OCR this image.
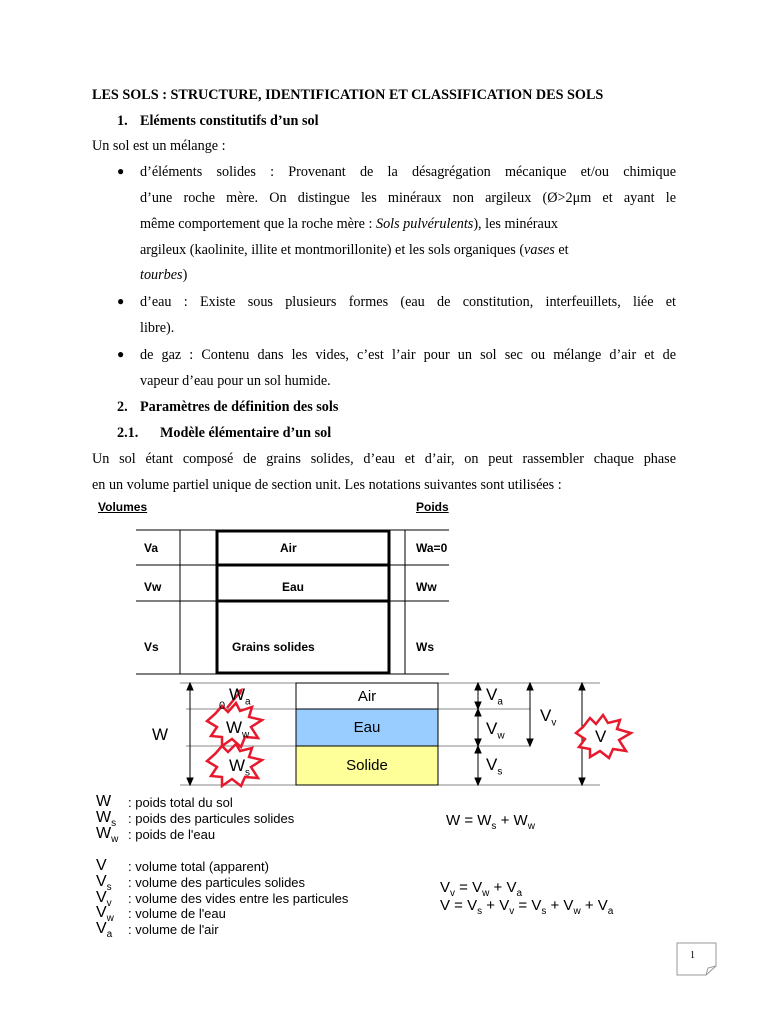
LES SOLS : STRUCTURE, IDENTIFICATION ET CLASSIFICATION DES SOLS
1. Eléments constitutifs d’un sol
Un sol est un mélange :
● d’éléments solides : Provenant de la désagrégation mécanique et/ou chimique
d’une roche mère. On distingue les minéraux non argileux (Ø>2μm et ayant le
même comportement que la roche mère : Sols pulvérulents), les minéraux
argileux (kaolinite, illite et montmorillonite) et les sols organiques (vases et
tourbes)
● d’eau : Existe sous plusieurs formes (eau de constitution, interfeuillets, liée et
libre).
● de gaz : Contenu dans les vides, c’est l’air pour un sol sec ou mélange d’air et de
vapeur d’eau pour un sol humide.
2. Paramètres de définition des sols
2.1. Modèle élémentaire d’un sol
Un sol étant composé de grains solides, d’eau et d’air, on peut rassembler chaque phase
en un volume partiel unique de section unit. Les notations suivantes sont utilisées :
Volumes	Poids
Va	Air	Wa=0
Vw	Eau	Ww
Vs	Grains solides	Ws
W
0
$W_a$
$W_w$
$W_s$
Air
Eau
Solide
$V_a$
$V_w$
$V_s$
$V_v$
V
W : poids total du sol
$W_s$ : poids des particules solides
$W_w$ : poids de l'eau
V : volume total (apparent)
$V_s$ : volume des particules solides
$V_v$ : volume des vides entre les particules
$V_w$ : volume de l'eau
$V_a$ : volume de l'air
$W = W_s + W_w$
$V_v = V_w + V_a$
$V = V_s + V_v = V_s + V_w + V_a$
1
